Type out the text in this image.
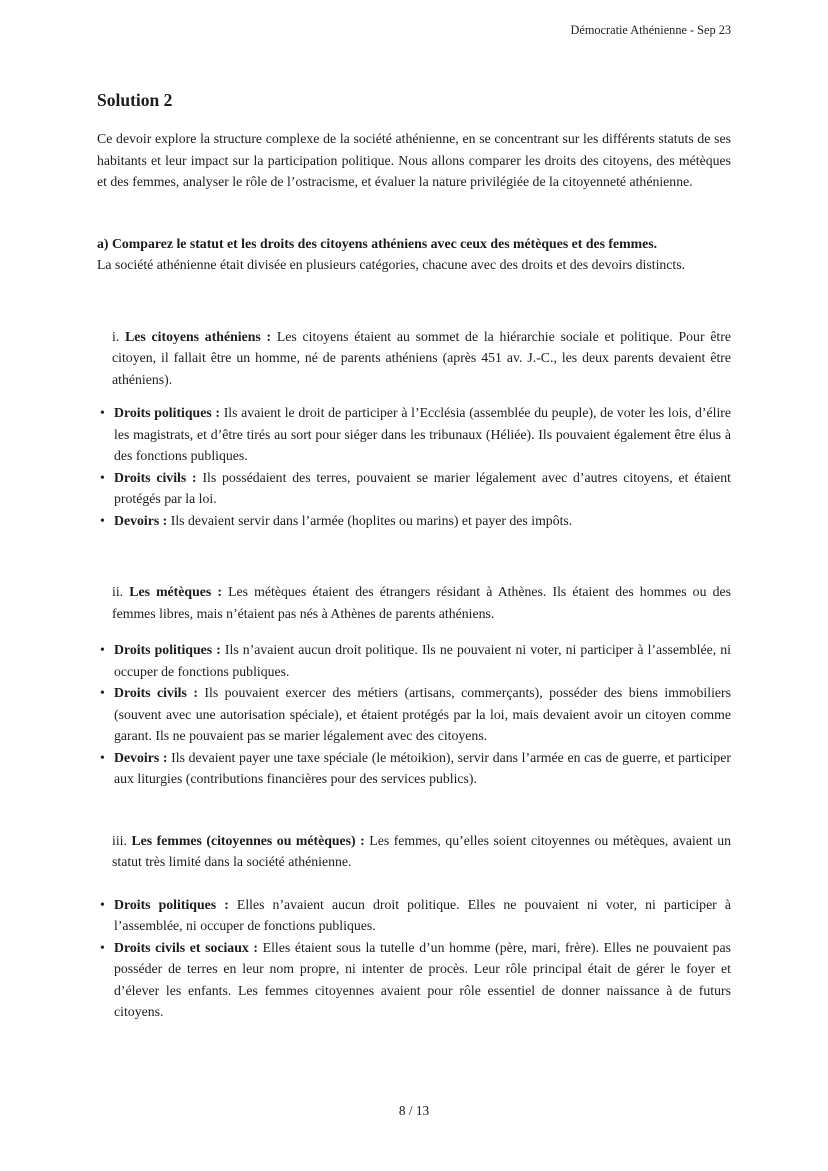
Démocratie Athénienne - Sep 23
Solution 2

Ce devoir explore la structure complexe de la société athénienne, en se concentrant sur les différents statuts de ses habitants et leur impact sur la participation politique. Nous allons comparer les droits des citoyens, des métèques et des femmes, analyser le rôle de l’ostracisme, et évaluer la nature privilégiée de la citoyenneté athénienne.

a) Comparez le statut et les droits des citoyens athéniens avec ceux des métèques et des femmes.

La société athénienne était divisée en plusieurs catégories, chacune avec des droits et des devoirs distincts.

i. Les citoyens athéniens : Les citoyens étaient au sommet de la hiérarchie sociale et politique. Pour être citoyen, il fallait être un homme, né de parents athéniens (après 451 av. J.-C., les deux parents devaient être athéniens).
• Droits politiques : Ils avaient le droit de participer à l’Ecclésia (assemblée du peuple), de voter les lois, d’élire les magistrats, et d’être tirés au sort pour siéger dans les tribunaux (Héliée). Ils pouvaient également être élus à des fonctions publiques.
• Droits civils : Ils possédaient des terres, pouvaient se marier légalement avec d’autres citoyens, et étaient protégés par la loi.
• Devoirs : Ils devaient servir dans l’armée (hoplites ou marins) et payer des impôts.
ii. Les métèques : Les métèques étaient des étrangers résidant à Athènes. Ils étaient des hommes ou des femmes libres, mais n’étaient pas nés à Athènes de parents athéniens.
• Droits politiques : Ils n’avaient aucun droit politique. Ils ne pouvaient ni voter, ni participer à l’assemblée, ni occuper de fonctions publiques.
• Droits civils : Ils pouvaient exercer des métiers (artisans, commerçants), posséder des biens immobiliers (souvent avec une autorisation spéciale), et étaient protégés par la loi, mais devaient avoir un citoyen comme garant. Ils ne pouvaient pas se marier légalement avec des citoyens.
• Devoirs : Ils devaient payer une taxe spéciale (le métoikion), servir dans l’armée en cas de guerre, et participer aux liturgies (contributions financières pour des services publics).
iii. Les femmes (citoyennes ou métèques) : Les femmes, qu’elles soient citoyennes ou métèques, avaient un statut très limité dans la société athénienne.
• Droits politiques : Elles n’avaient aucun droit politique. Elles ne pouvaient ni voter, ni participer à l’assemblée, ni occuper de fonctions publiques.
• Droits civils et sociaux : Elles étaient sous la tutelle d’un homme (père, mari, frère). Elles ne pouvaient pas posséder de terres en leur nom propre, ni intenter de procès. Leur rôle principal était de gérer le foyer et d’élever les enfants. Les femmes citoyennes avaient pour rôle essentiel de donner naissance à de futurs citoyens.
8 / 13
